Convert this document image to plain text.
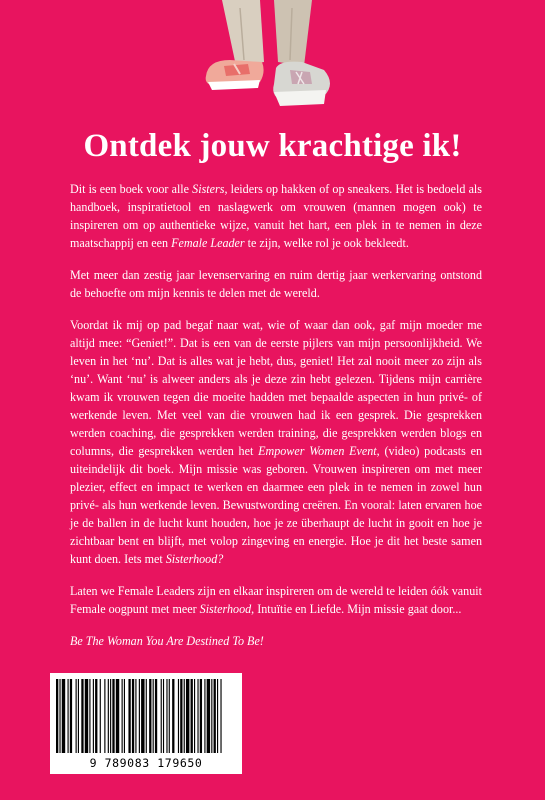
Ontdek jouw krachtige ik!

Dit is een boek voor alle Sisters, leiders op hakken of op sneakers. Het is bedoeld als handboek, inspiratietool en naslagwerk om vrouwen (mannen mogen ook) te inspireren om op authentieke wijze, vanuit het hart, een plek in te nemen in deze maatschappij en een Female Leader te zijn, welke rol je ook bekleedt.

Met meer dan zestig jaar levenservaring en ruim dertig jaar werkervaring ontstond de behoefte om mijn kennis te delen met de wereld.

Voordat ik mij op pad begaf naar wat, wie of waar dan ook, gaf mijn moeder me altijd mee: “Geniet!”. Dat is een van de eerste pijlers van mijn persoonlijkheid. We leven in het ‘nu’. Dat is alles wat je hebt, dus, geniet! Het zal nooit meer zo zijn als ‘nu’. Want ‘nu’ is alweer anders als je deze zin hebt gelezen. Tijdens mijn carrière kwam ik vrouwen tegen die moeite hadden met bepaalde aspecten in hun privé- of werkende leven. Met veel van die vrouwen had ik een gesprek. Die gesprekken werden coaching, die gesprekken werden training, die gesprekken werden blogs en columns, die gesprekken werden het Empower Women Event, (video) podcasts en uiteindelijk dit boek. Mijn missie was geboren. Vrouwen inspireren om met meer plezier, effect en impact te werken en daarmee een plek in te nemen in zowel hun privé- als hun werkende leven. Bewustwording creëren. En vooral: laten ervaren hoe je de ballen in de lucht kunt houden, hoe je ze überhaupt de lucht in gooit en hoe je zichtbaar bent en blijft, met volop zingeving en energie. Hoe je dit het beste samen kunt doen. Iets met Sisterhood?

Laten we Female Leaders zijn en elkaar inspireren om de wereld te leiden óók vanuit Female oogpunt met meer Sisterhood, Intuïtie en Liefde. Mijn missie gaat door...

Be The Woman You Are Destined To Be!

9 789083 179650
